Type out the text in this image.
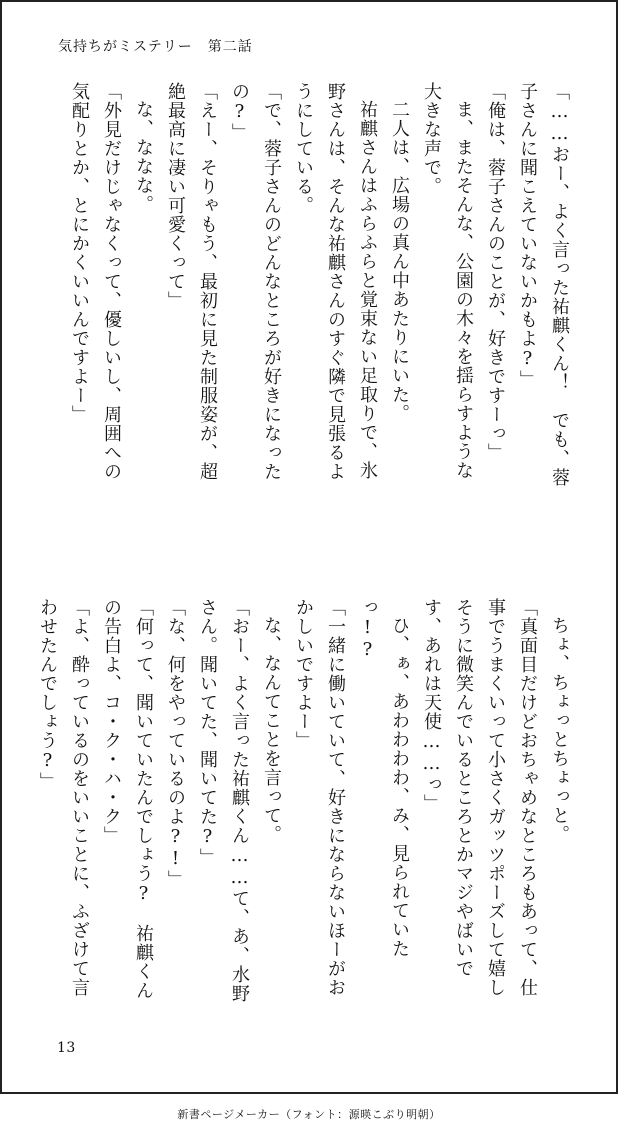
気持ちがミステリー　第二話

「……おー、よく言った祐麒くん！　でも、蓉子さんに聞こえていないかもよ?」

「俺は、蓉子さんのことが、好きですーっ」

ま、またそんな、公園の木々を揺らすような大きな声で。

二人は、広場の真ん中あたりにいた。

祐麒さんはふらふらと覚束ない足取りで、氷野さんは、そんな祐麒さんのすぐ隣で見張るようにしている。

「で、蓉子さんのどんなところが好きになったの?」

「えー、そりゃもう、最初に見た制服姿が、超絶最高に凄い可愛くって」

な、ななな。

「外見だけじゃなくって、優しいし、周囲への気配りとか、とにかくいいんですよー」

ちょ、ちょっとちょっと。

「真面目だけどおちゃめなところもあって、仕事でうまくいって小さくガッツポーズして嬉しそうに微笑んでいるところとかマジやばいです、あれは天使……っ」

ひ、ぁ、あわわわわ、み、見られていたっ!?

「一緒に働いていて、好きにならないほーがおかしいですよー」

な、なんてことを言って。

「おー、よく言った祐麒くん……て、あ、水野さん。聞いてた、聞いてた?」

「な、何をやっているのよ?!」

「何って、聞いていたんでしょう?　祐麒くんの告白よ、コ・ク・ハ・ク」

「よ、酔っているのをいいことに、ふざけて言わせたんでしょう?」

13
新書ページメーカー（フォント：源暎こぶり明朝）
